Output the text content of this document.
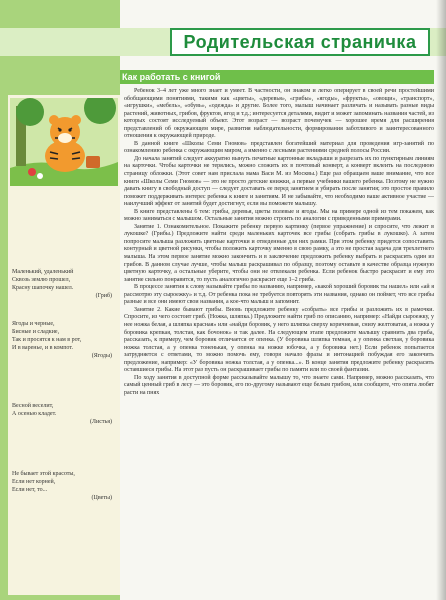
Родительская страничка
Как работать с книгой
Маленький, удаленький
Сквозь землю прошел,
Красну шапочку нашел.
(Гриб)
Ягоды и черные,
Бисные и сладкие,
Так и просятся к нам в рот,
И в варенье, и в компот.
(Ягоды)
Весной веселит,
А осенью кладет.
(Листья)
Не бывает этой красоты,
Если нет корней,
Если нет, то...
(Цветы)

Ребенок 3–4 лет уже много знает и умеет. В частности, он знаком и легко оперирует в своей речи простейшими обобщающими понятиями, такими как «цветы», «деревья», «грибы», «ягоды», «фрукты», «овощи», «транспорт», «игрушки», «мебель», «обувь», «одежда» и другие. Более того, малыш начинает различать и называть разные виды растений, животных, грибов, фруктов, ягод и т.д.; интересуется деталями, видит и может запоминать названия частей, из которых состоят исследуемый объект. Этот возраст — возраст почемучек — хорошее время для расширения представлений об окружающем мире, развития наблюдательности, формирования заботливого и заинтересованного отношения к окружающей природе.

В данной книге «Школы Семи Гномов» представлен богатейший материал для проведения игр-занятий по ознакомлению ребенка с окружающим миром, а именно с лесными растениями средней полосы России.

До начала занятий следует аккуратно вынуть печатные картонные вкладыши и разрезать их по пунктирным линиям на карточки. Чтобы карточки не терялись, можно сложить их в почтовый конверт, а конверт вклеить на последнюю страницу обложки. (Этот совет нам прислала мама Васи М. из Москвы.) Еще раз обращаем ваше внимание, что все книги «Школы Семи Гномов» — это не просто детские книжки, а первые учебники вашего ребенка. Поэтому не нужно давать книгу в свободный доступ — следует доставать ее перед занятием и убирать после занятия; это простое правило поможет поддерживать интерес ребенка к книге и занятиям. И не забывайте, что необходимо ваше активное участие — наилучший эффект от занятий будет достигнут, если вы поможете малышу.

В книге представлены 6 тем: грибы, деревья, цветы полевые и ягоды. Мы на примере одной из тем покажем, как можно заниматься с малышом. Остальные занятия можно строить по аналогии с приведенными примерами.

Занятие 1. Ознакомительное. Покажите ребенку первую картинку (первое упражнение) и спросите, что лежит в лукошке? (Грибы.) Предложите найти среди маленьких карточек все грибы (собрать грибы в лукошко). А затем попросите малыша разложить цветные карточки и отведенные для них рамки. При этом ребенку придется сопоставить контурный и цветной рисунки, чтобы положить карточку именно в свою рамку, а это не простая задача для трехлетнего малыша. На этом первое занятие можно закончить и в заключение предложить ребенку выбрать и раскрасить один из грибов. В данном случае лучше, чтобы малыш раскрашивал по образцу, поэтому оставьте в качестве образца нужную цветную карточку, а остальные уберите, чтобы они не отвлекали ребенка. Если ребенок быстро раскрасит и ему это занятие сильно понравится, то пусть аналогично раскрасит еще 1–2 гриба.

В процессе занятия к слову называйте грибы по названию, например, «какой хороший боровик ты нашел» или «ай я рассмотрю эту сыроежку» и т.д. От ребенка пока не требуется повторять эти названия, однако он поймет, что все грибы разные и все они имеют свои названия, а кое-что малыш и запомнит.

Занятие 2. Какие бывают грибы. Вновь предложите ребенку «собрать» все грибы и разложить их в рамочки. Спросите, из чего состоит гриб. (Ножка, шляпка.) Предложите найти гриб по описанию, например: «Найди сыроежку, у нее ножка белая, а шляпка красная» или «найди боровик, у него шляпка сверху коричневая, снизу желтоватая, а ножка у боровика крепкая, толстая, как бочонок» и так далее. На следующем этапе предложите малышу сравнить два гриба, рассказать, к примеру, чем боровик отличается от опенка. (У боровика шляпка темная, а у опенка светлая, у боровика ножка толстая, а у опенка тоненькая, у опенка на ножке юбочка, а у боровика нет.) Если ребенок попытается затрудняется с ответами, то можно помочь ему, говоря начало фразы и интонацией побуждая его закончить предложение, например: «У боровика ножка толстая, а у опенка...». В конце занятия предложите ребенку раскрасить оставшиеся грибы. На этот раз пусть он раскрашивает грибы по памяти или по своей фантазии.

По ходу занятия в доступной форме рассказывайте малышу то, что знаете сами. Например, можно рассказать, что самый ценный гриб в лесу — это боровик, его по-другому называют еще белым грибом, или сообщите, что опята любят расти на пнях
